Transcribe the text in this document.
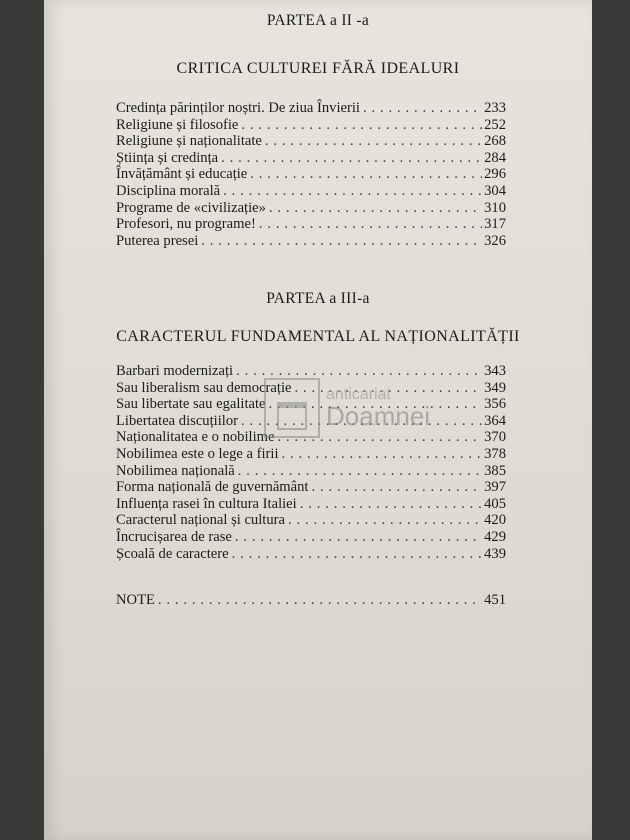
PARTEA a II -a
CRITICA CULTUREI FĂRĂ IDEALURI
Credința părinților noștri. De ziua Învierii . . .	233
Religiune și filosofie . . .	252
Religiune și naționalitate . . .	268
Știința și credința . . .	284
Învățământ și educație . . .	296
Disciplina morală . . .	304
Programe de «civilizație» . . .	310
Profesori, nu programe! . . .	317
Puterea presei . . .	326
PARTEA a III-a
CARACTERUL FUNDAMENTAL AL NAȚIONALITĂȚII
Barbari modernizați . . .	343
Sau liberalism sau democrație . . .	349
Sau libertate sau egalitate . . .	356
Libertatea discuțiilor . . .	364
Naționalitatea e o nobilime . . .	370
Nobilimea este o lege a firii . . .	378
Nobilimea națională . . .	385
Forma națională de guvernământ . . .	397
Influența rasei în cultura Italiei . . .	405
Caracterul național și cultura . . .	420
Încrucișarea de rase . . .	429
Școală de caractere . . .	439
NOTE . . .	451
anticariat
Doamnei
